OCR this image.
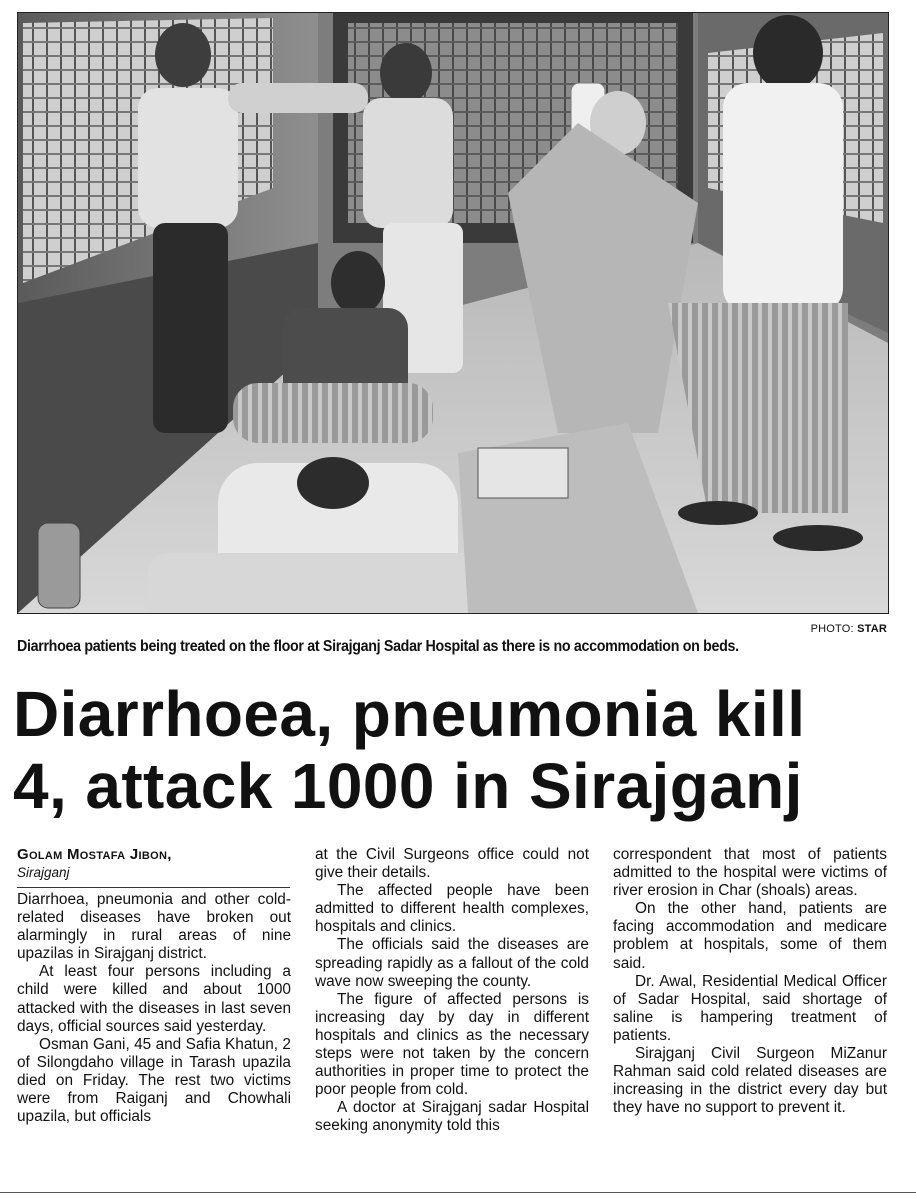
PHOTO: STAR
Diarrhoea patients being treated on the floor at Sirajganj Sadar Hospital as there is no accommodation on beds.
Diarrhoea, pneumonia kill
4, attack 1000 in Sirajganj
Golam Mostafa Jibon,
Sirajganj

Diarrhoea, pneumonia and other cold- related diseases have broken out alarmingly in rural areas of nine upazilas in Sirajganj district.

At least four persons including a child were killed and about 1000 attacked with the diseases in last seven days, official sources said yesterday.

Osman Gani, 45 and Safia Khatun, 2 of Silongdaho village in Tarash upazila died on Friday. The rest two victims were from Raiganj and Chowhali upazila, but officials

at the Civil Surgeons office could not give their details.

The affected people have been admitted to different health complexes, hospitals and clinics.

The officials said the diseases are spreading rapidly as a fallout of the cold wave now sweeping the county.

The figure of affected persons is increasing day by day in different hospitals and clinics as the necessary steps were not taken by the concern authorities in proper time to protect the poor people from cold.

A doctor at Sirajganj sadar Hospital seeking anonymity told this

correspondent that most of patients admitted to the hospital were victims of river erosion in Char (shoals) areas.

On the other hand, patients are facing accommodation and medicare problem at hospitals, some of them said.

Dr. Awal, Residential Medical Officer of Sadar Hospital, said shortage of saline is hampering treatment of patients.

Sirajganj Civil Surgeon MiZanur Rahman said cold related diseases are increasing in the district every day but they have no support to prevent it.
